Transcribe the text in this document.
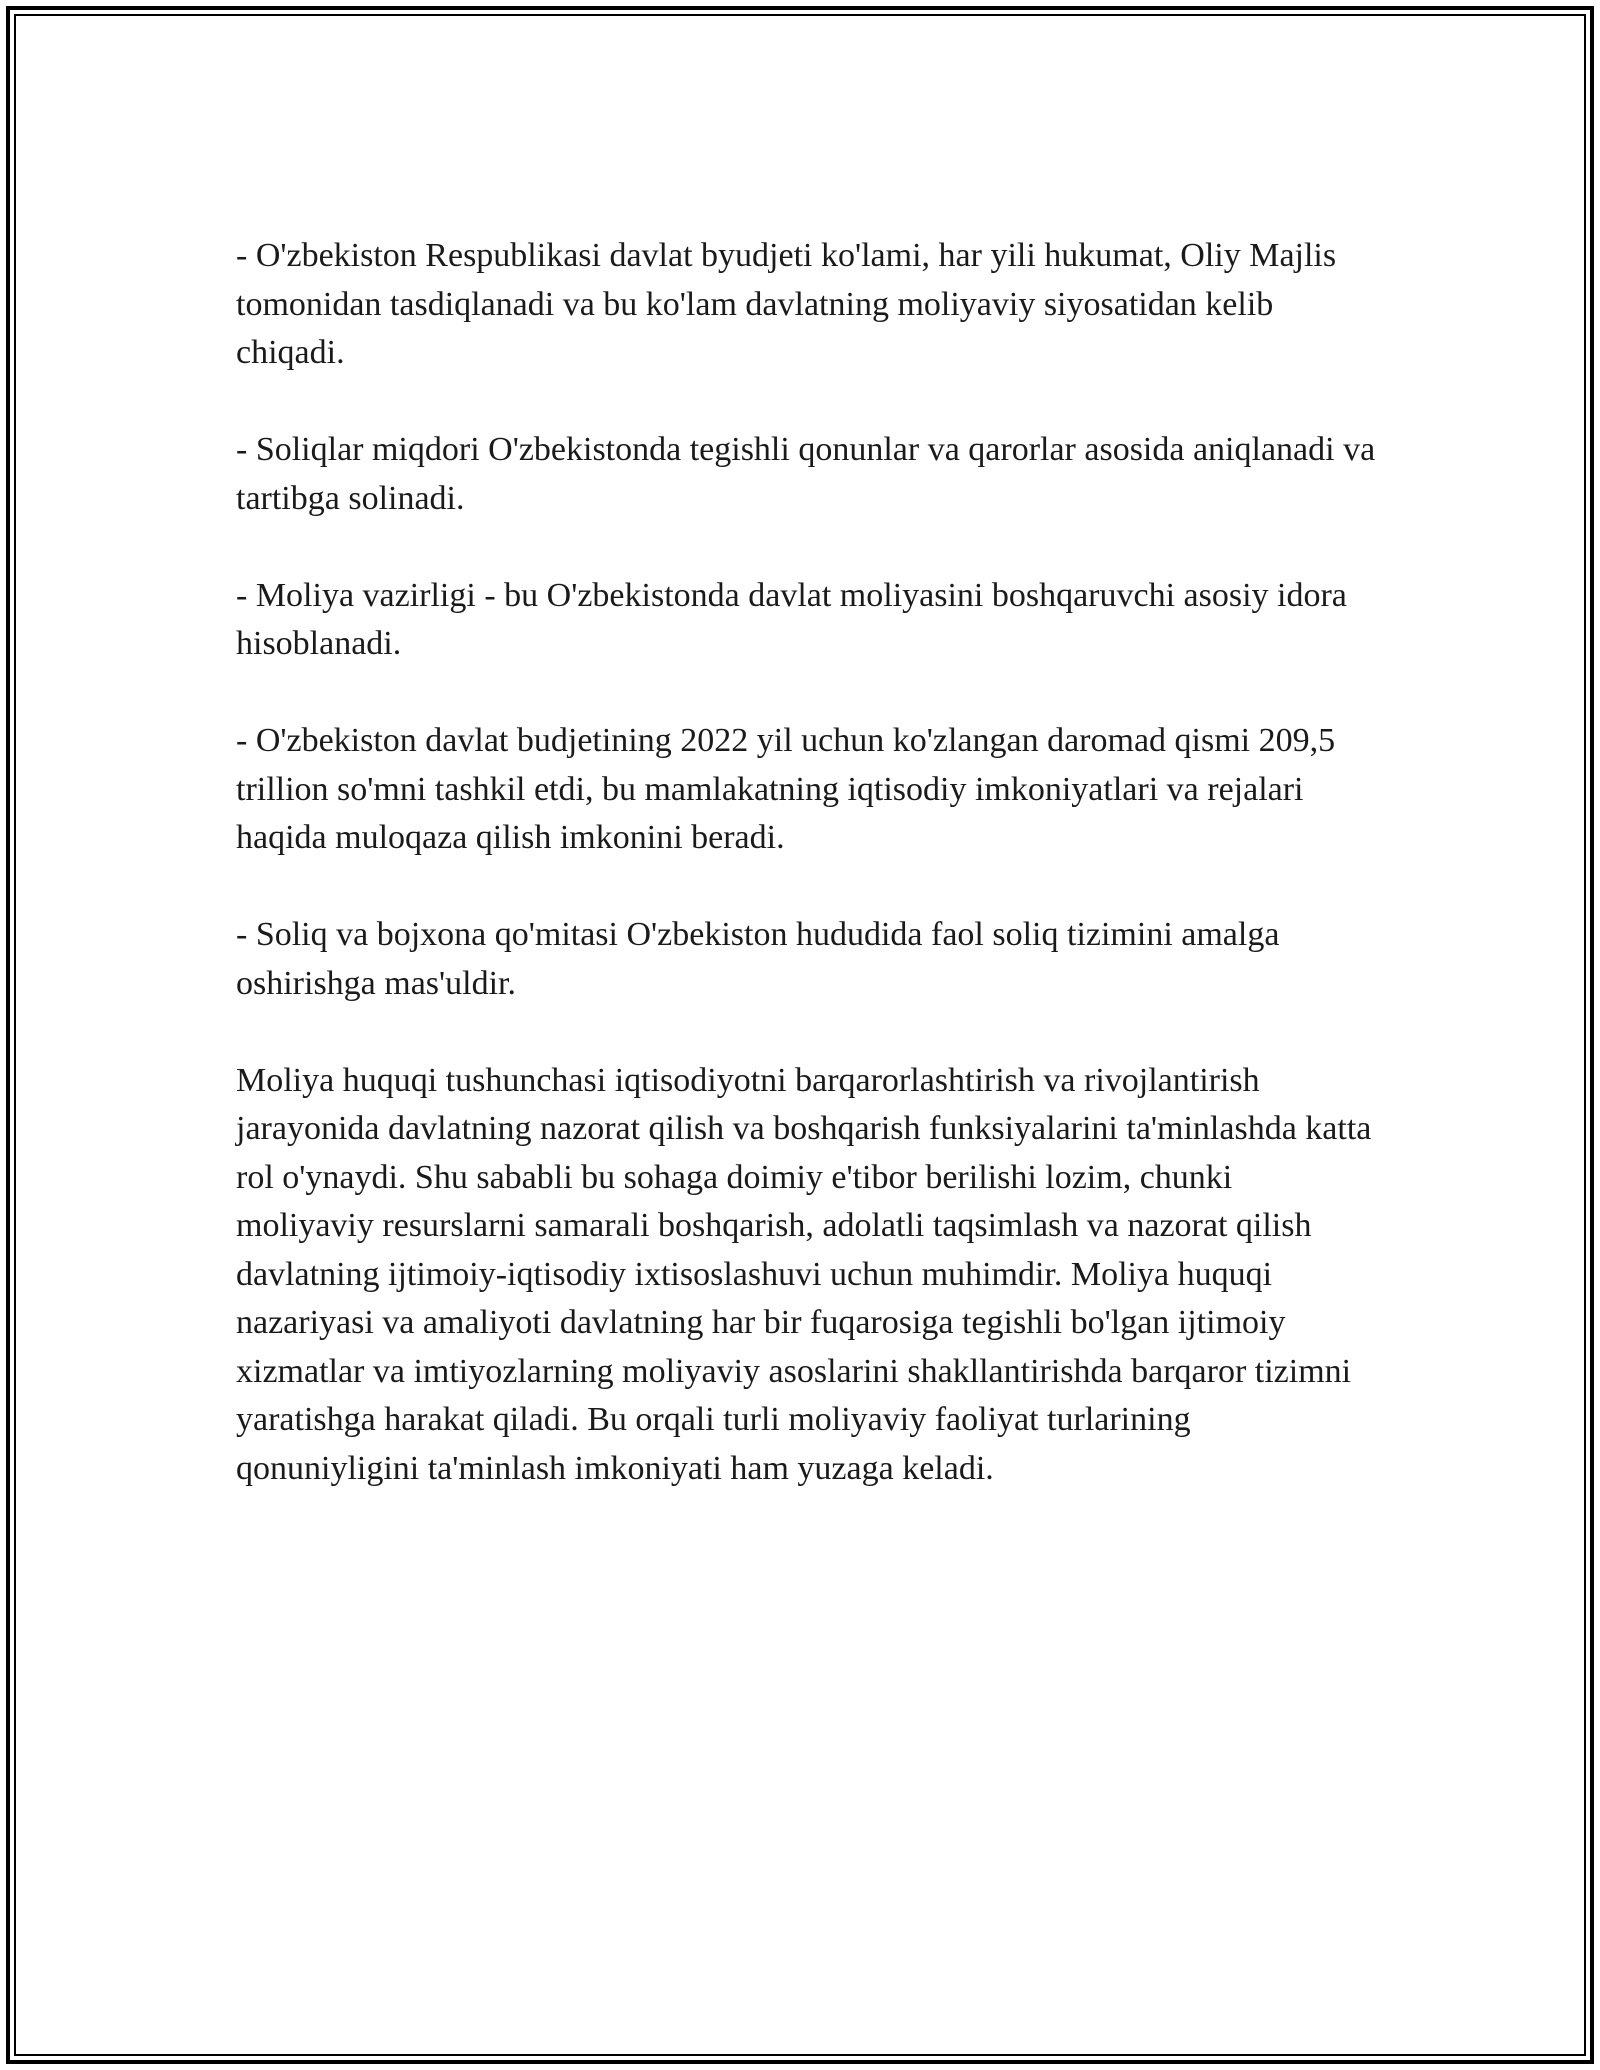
- O'zbekiston Respublikasi davlat byudjeti ko'lami, har yili hukumat, Oliy Majlis tomonidan tasdiqlanadi va bu ko'lam davlatning moliyaviy siyosatidan kelib chiqadi.

- Soliqlar miqdori O'zbekistonda tegishli qonunlar va qarorlar asosida aniqlanadi va tartibga solinadi.

- Moliya vazirligi - bu O'zbekistonda davlat moliyasini boshqaruvchi asosiy idora hisoblanadi.

- O'zbekiston davlat budjetining 2022 yil uchun ko'zlangan daromad qismi 209,5 trillion so'mni tashkil etdi, bu mamlakatning iqtisodiy imkoniyatlari va rejalari haqida muloqaza qilish imkonini beradi.

- Soliq va bojxona qo'mitasi O'zbekiston hududida faol soliq tizimini amalga oshirishga mas'uldir.

Moliya huquqi tushunchasi iqtisodiyotni barqarorlashtirish va rivojlantirish jarayonida davlatning nazorat qilish va boshqarish funksiyalarini ta'minlashda katta rol o'ynaydi. Shu sababli bu sohaga doimiy e'tibor berilishi lozim, chunki moliyaviy resurslarni samarali boshqarish, adolatli taqsimlash va nazorat qilish davlatning ijtimoiy-iqtisodiy ixtisoslashuvi uchun muhimdir. Moliya huquqi nazariyasi va amaliyoti davlatning har bir fuqarosiga tegishli bo'lgan ijtimoiy xizmatlar va imtiyozlarning moliyaviy asoslarini shakllantirishda barqaror tizimni yaratishga harakat qiladi. Bu orqali turli moliyaviy faoliyat turlarining qonuniyligini ta'minlash imkoniyati ham yuzaga keladi.
